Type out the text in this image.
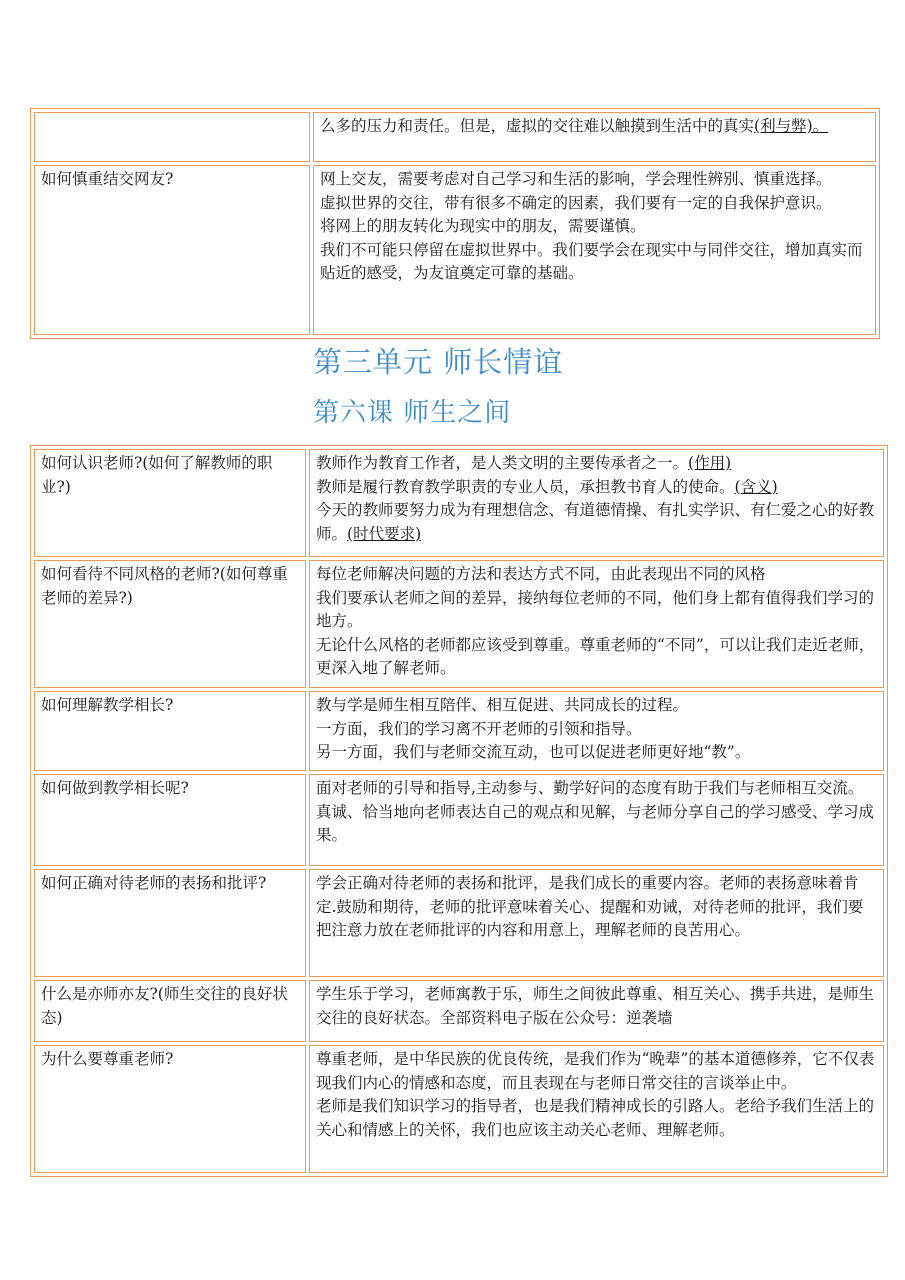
	么多的压力和责任。但是，虚拟的交往难以触摸到生活中的真实(利与弊)。

如何慎重结交网友?	网上交友，需要考虑对自己学习和生活的影响，学会理性辨别、慎重选择。
虚拟世界的交往，带有很多不确定的因素，我们要有一定的自我保护意识。
将网上的朋友转化为现实中的朋友，需要谨慎。
我们不可能只停留在虚拟世界中。我们要学会在现实中与同伴交往，增加真实而贴近的感受，为友谊奠定可靠的基础。
第三单元 师长情谊
第六课 师生之间
如何认识老师?(如何了解教师的职业?)	教师作为教育工作者，是人类文明的主要传承者之一。(作用)
教师是履行教育教学职责的专业人员，承担教书育人的使命。(含义)
今天的教师要努力成为有理想信念、有道德情操、有扎实学识、有仁爱之心的好教师。(时代要求)

如何看待不同风格的老师?(如何尊重老师的差异?)	每位老师解决问题的方法和表达方式不同，由此表现出不同的风格
我们要承认老师之间的差异，接纳每位老师的不同，他们身上都有值得我们学习的地方。
无论什么风格的老师都应该受到尊重。尊重老师的“不同”，可以让我们走近老师，更深入地了解老师。

如何理解教学相长?	教与学是师生相互陪伴、相互促进、共同成长的过程。
一方面，我们的学习离不开老师的引领和指导。
另一方面，我们与老师交流互动，也可以促进老师更好地“教”。

如何做到教学相长呢?	面对老师的引导和指导,主动参与、勤学好问的态度有助于我们与老师相互交流。真诚、恰当地向老师表达自己的观点和见解，与老师分享自己的学习感受、学习成果。

如何正确对待老师的表扬和批评?	学会正确对待老师的表扬和批评，是我们成长的重要内容。老师的表扬意味着肯定.鼓励和期待，老师的批评意味着关心、提醒和劝诫，对待老师的批评，我们要把注意力放在老师批评的内容和用意上，理解老师的良苦用心。

什么是亦师亦友?(师生交往的良好状态)	学生乐于学习，老师寓教于乐，师生之间彼此尊重、相互关心、携手共进，是师生交往的良好状态。全部资料电子版在公众号：逆袭墙

为什么要尊重老师?	尊重老师，是中华民族的优良传统，是我们作为“晚辈”的基本道德修养，它不仅表现我们内心的情感和态度，而且表现在与老师日常交往的言谈举止中。
老师是我们知识学习的指导者，也是我们精神成长的引路人。老给予我们生活上的关心和情感上的关怀，我们也应该主动关心老师、理解老师。
